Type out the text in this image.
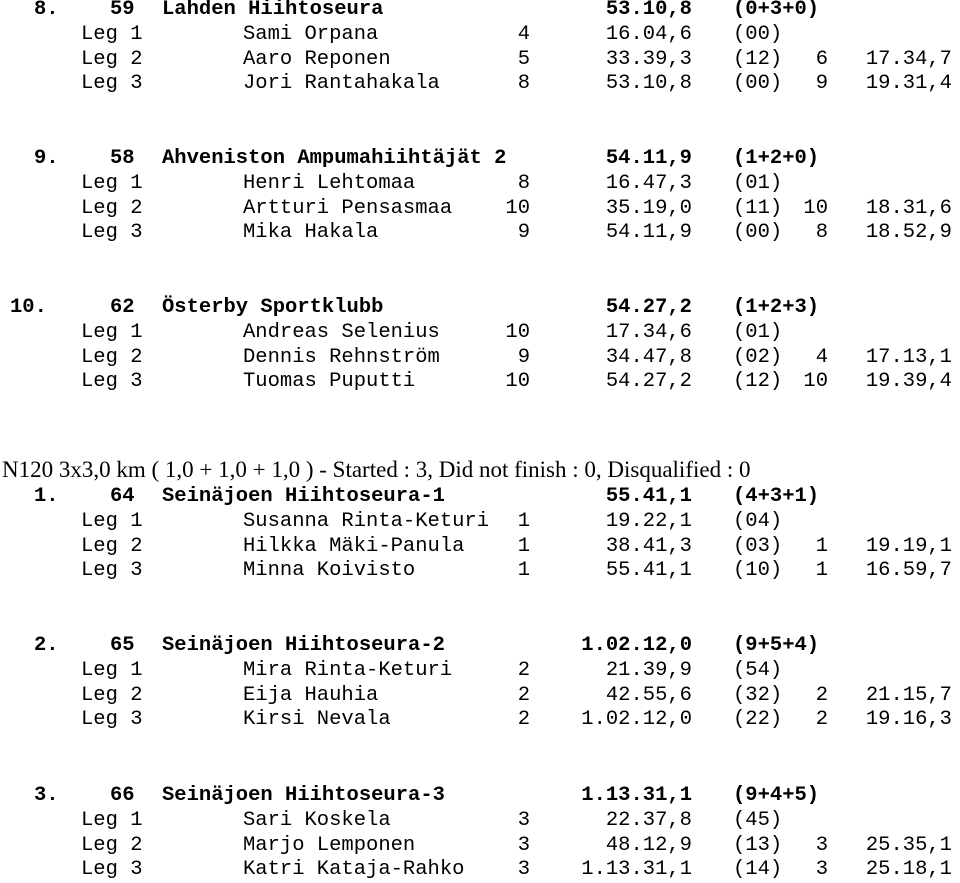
N120 3x3,0 km ( 1,0 + 1,0 + 1,0 ) - Started : 3, Did not finish : 0, Disqualified : 0
8.	59 Lahden Hiihtoseura	53.10,8 (0+3+0)
Leg 1	Sami Orpana	4	16.04,6 (00)
Leg 2	Aaro Reponen	5	33.39,3 (12)	6	17.34,7
Leg 3	Jori Rantahakala	8	53.10,8 (00)	9	19.31,4
9.	58 Ahveniston Ampumahiihtäjät 2	54.11,9 (1+2+0)
Leg 1	Henri Lehtomaa	8	16.47,3 (01)
Leg 2	Artturi Pensasmaa	10	35.19,0 (11) 10	18.31,6
Leg 3	Mika Hakala	9	54.11,9 (00)	8	18.52,9
10.	62 Österby Sportklubb	54.27,2 (1+2+3)
Leg 1	Andreas Selenius	10	17.34,6 (01)
Leg 2	Dennis Rehnström	9	34.47,8 (02)	4	17.13,1
Leg 3	Tuomas Puputti	10	54.27,2 (12) 10	19.39,4
1.	64 Seinäjoen Hiihtoseura-1	55.41,1 (4+3+1)
Leg 1	Susanna Rinta-Keturi	1	19.22,1 (04)
Leg 2	Hilkka Mäki-Panula	1	38.41,3 (03)	1	19.19,1
Leg 3	Minna Koivisto	1	55.41,1 (10)	1	16.59,7
2.	65 Seinäjoen Hiihtoseura-2	1.02.12,0 (9+5+4)
Leg 1	Mira Rinta-Keturi	2	21.39,9 (54)
Leg 2	Eija Hauhia	2	42.55,6 (32)	2	21.15,7
Leg 3	Kirsi Nevala	2	1.02.12,0 (22)	2	19.16,3
3.	66 Seinäjoen Hiihtoseura-3	1.13.31,1 (9+4+5)
Leg 1	Sari Koskela	3	22.37,8 (45)
Leg 2	Marjo Lemponen	3	48.12,9 (13)	3	25.35,1
Leg 3	Katri Kataja-Rahko	3	1.13.31,1 (14)	3	25.18,1
